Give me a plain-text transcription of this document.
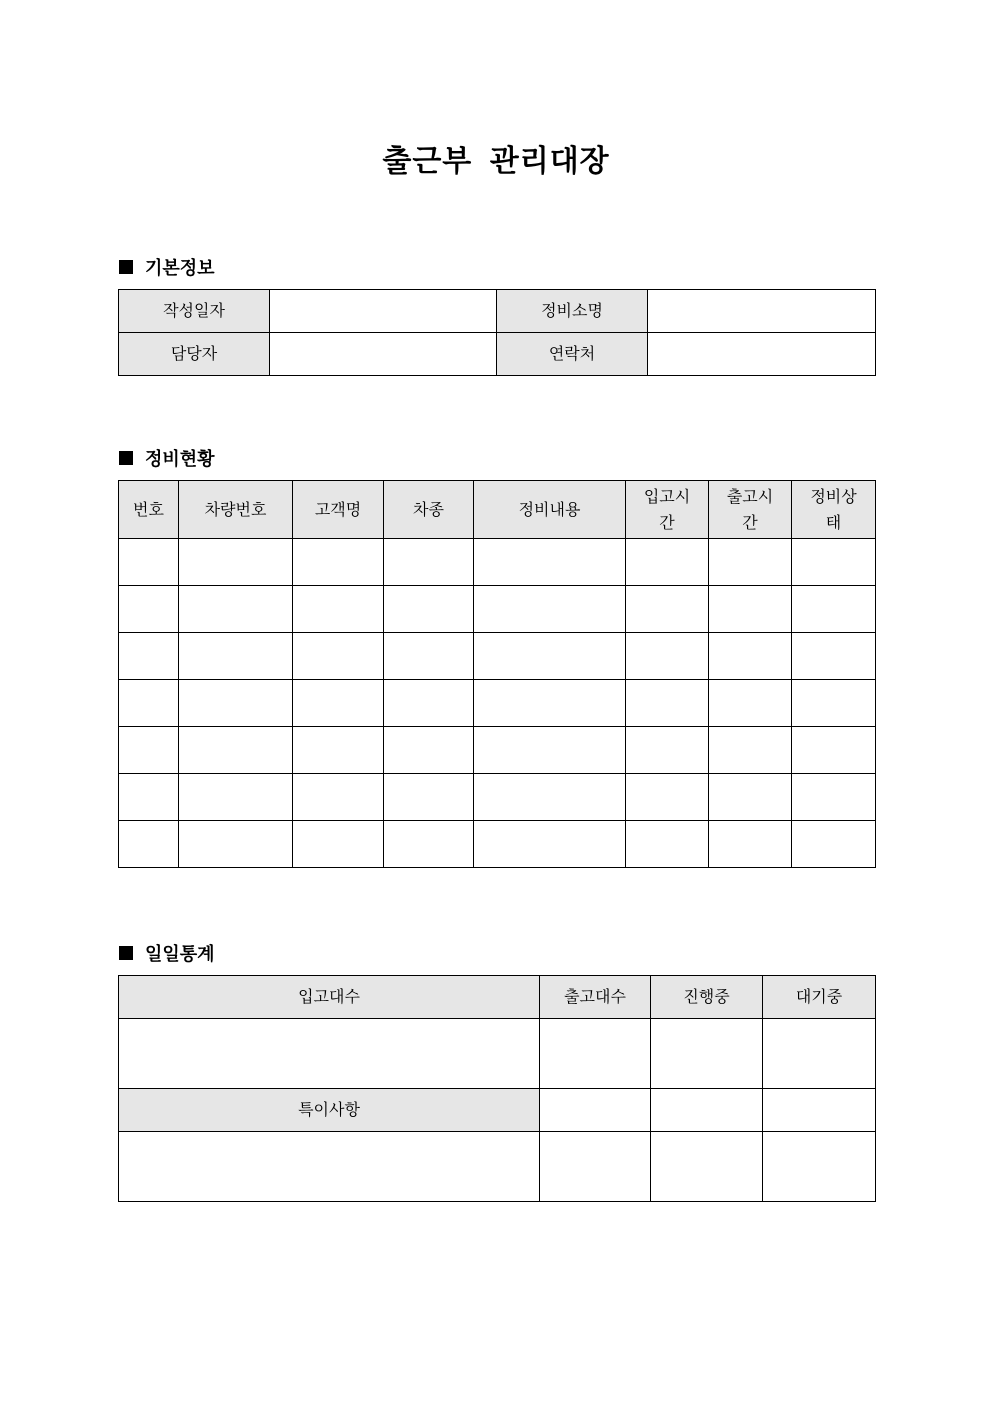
출근부 관리대장
기본정보
작성일자		정비소명	
담당자		연락처	
정비현황
번호	차량번호	고객명	차종	정비내용	입고시간	출고시간	정비상태

일일통계
입고대수	출고대수	진행중	대기중

특이사항			
